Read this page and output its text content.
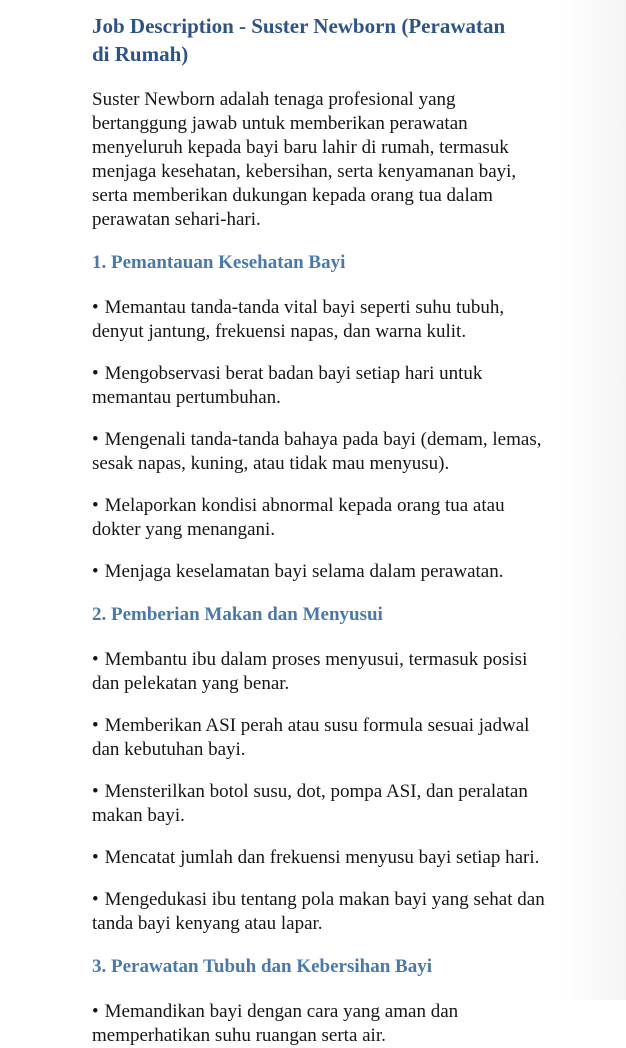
Job Description - Suster Newborn (Perawatan
di Rumah)

Suster Newborn adalah tenaga profesional yang bertanggung jawab untuk memberikan perawatan menyeluruh kepada bayi baru lahir di rumah, termasuk menjaga kesehatan, kebersihan, serta kenyamanan bayi, serta memberikan dukungan kepada orang tua dalam perawatan sehari-hari.

1. Pemantauan Kesehatan Bayi

• Memantau tanda-tanda vital bayi seperti suhu tubuh, denyut jantung, frekuensi napas, dan warna kulit.

• Mengobservasi berat badan bayi setiap hari untuk memantau pertumbuhan.

• Mengenali tanda-tanda bahaya pada bayi (demam, lemas, sesak napas, kuning, atau tidak mau menyusu).

• Melaporkan kondisi abnormal kepada orang tua atau dokter yang menangani.

• Menjaga keselamatan bayi selama dalam perawatan.

2. Pemberian Makan dan Menyusui

• Membantu ibu dalam proses menyusui, termasuk posisi dan pelekatan yang benar.

• Memberikan ASI perah atau susu formula sesuai jadwal dan kebutuhan bayi.

• Mensterilkan botol susu, dot, pompa ASI, dan peralatan makan bayi.

• Mencatat jumlah dan frekuensi menyusu bayi setiap hari.

• Mengedukasi ibu tentang pola makan bayi yang sehat dan tanda bayi kenyang atau lapar.

3. Perawatan Tubuh dan Kebersihan Bayi

• Memandikan bayi dengan cara yang aman dan memperhatikan suhu ruangan serta air.
